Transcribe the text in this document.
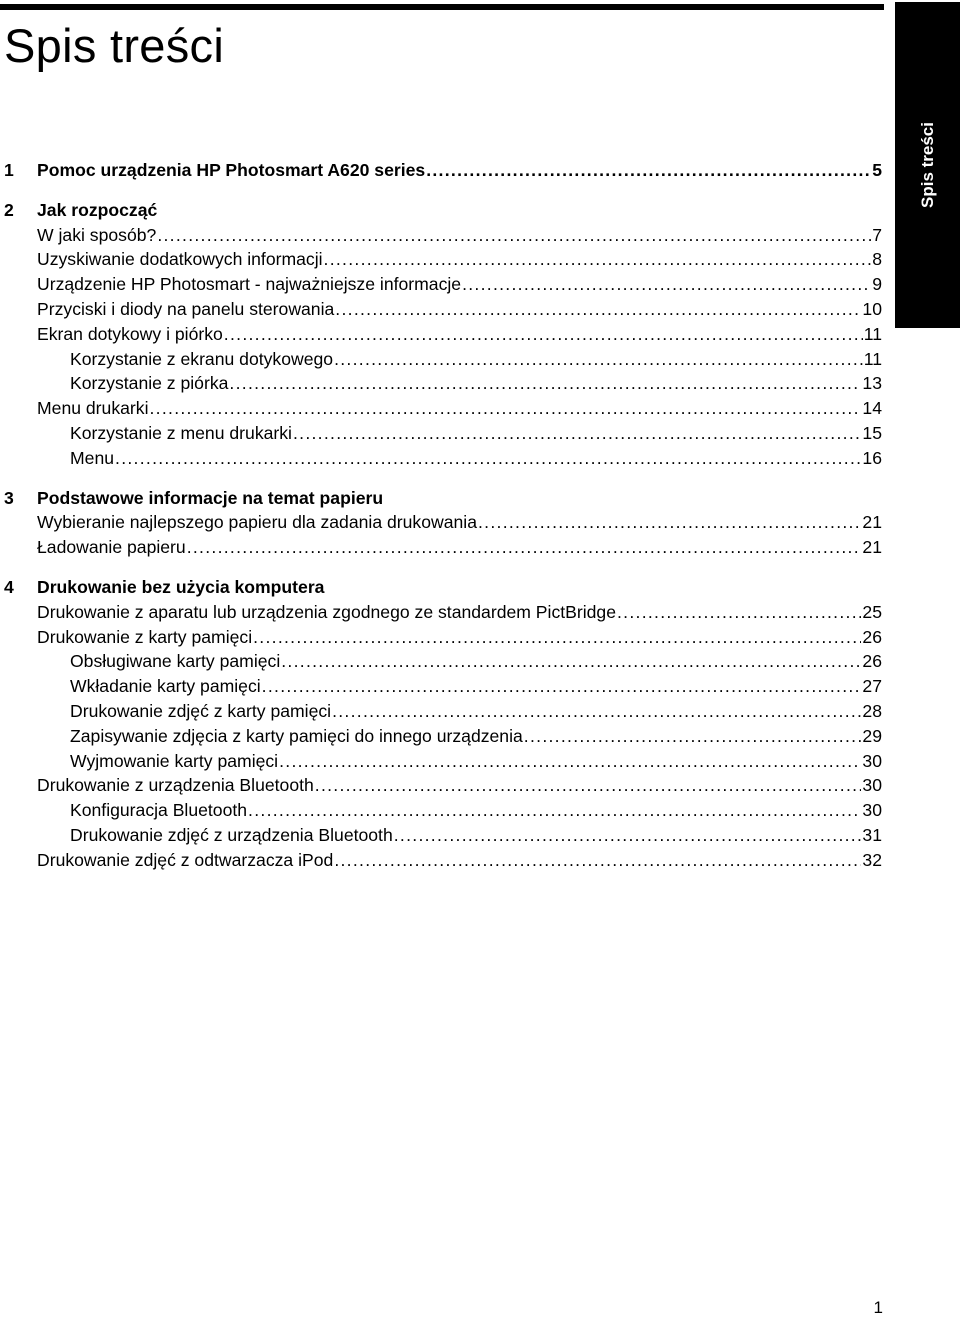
Spis treści
Spis treści
1 Pomoc urządzenia HP Photosmart A620 series . . .	5
2 Jak rozpocząć
W jaki sposób? . . .	7
Uzyskiwanie dodatkowych informacji . . .	8
Urządzenie HP Photosmart - najważniejsze informacje . . .	9
Przyciski i diody na panelu sterowania . . .	10
Ekran dotykowy i piórko . . .	11
Korzystanie z ekranu dotykowego . . .	11
Korzystanie z piórka . . .	13
Menu drukarki . . .	14
Korzystanie z menu drukarki . . .	15
Menu . . .	16
3 Podstawowe informacje na temat papieru
Wybieranie najlepszego papieru dla zadania drukowania . . .	21
Ładowanie papieru . . .	21
4 Drukowanie bez użycia komputera
Drukowanie z aparatu lub urządzenia zgodnego ze standardem PictBridge . . .	25
Drukowanie z karty pamięci . . .	26
Obsługiwane karty pamięci . . .	26
Wkładanie karty pamięci . . .	27
Drukowanie zdjęć z karty pamięci . . .	28
Zapisywanie zdjęcia z karty pamięci do innego urządzenia . . .	29
Wyjmowanie karty pamięci . . .	30
Drukowanie z urządzenia Bluetooth . . .	30
Konfiguracja Bluetooth . . .	30
Drukowanie zdjęć z urządzenia Bluetooth . . .	31
Drukowanie zdjęć z odtwarzacza iPod . . .	32

1
